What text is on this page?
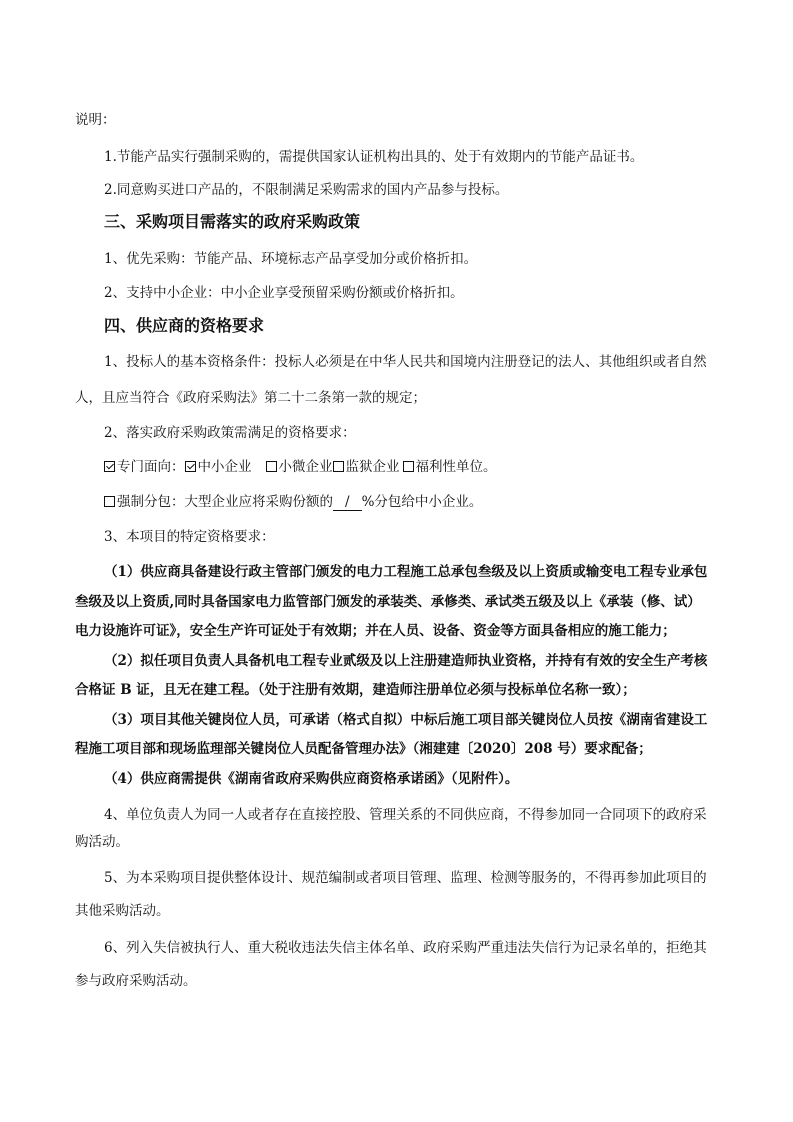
说明：
1.节能产品实行强制采购的，需提供国家认证机构出具的、处于有效期内的节能产品证书。
2.同意购买进口产品的，不限制满足采购需求的国内产品参与投标。
三、采购项目需落实的政府采购政策
1、优先采购：节能产品、环境标志产品享受加分或价格折扣。
2、支持中小企业：中小企业享受预留采购份额或价格折扣。
四、供应商的资格要求
1、投标人的基本资格条件：投标人必须是在中华人民共和国境内注册登记的法人、其他组织或者自然
人，且应当符合《政府采购法》第二十二条第一款的规定；
2、落实政府采购政策需满足的资格要求：
专门面向： 中小企业 小微企业 监狱企业 福利性单位。
强制分包：大型企业应将采购份额的 / %分包给中小企业。
3、本项目的特定资格要求：
（1）供应商具备建设行政主管部门颁发的电力工程施工总承包叁级及以上资质或输变电工程专业承包
叁级及以上资质,同时具备国家电力监管部门颁发的承装类、承修类、承试类五级及以上《承装（修、试）
电力设施许可证》，安全生产许可证处于有效期；并在人员、设备、资金等方面具备相应的施工能力；
（2）拟任项目负责人具备机电工程专业贰级及以上注册建造师执业资格，并持有有效的安全生产考核
合格证 B 证，且无在建工程。（处于注册有效期，建造师注册单位必须与投标单位名称一致）；
（3）项目其他关键岗位人员，可承诺（格式自拟）中标后施工项目部关键岗位人员按《湖南省建设工
程施工项目部和现场监理部关键岗位人员配备管理办法》（湘建建〔2020〕208 号）要求配备；
（4）供应商需提供《湖南省政府采购供应商资格承诺函》（见附件）。
4、单位负责人为同一人或者存在直接控股、管理关系的不同供应商，不得参加同一合同项下的政府采
购活动。
5、为本采购项目提供整体设计、规范编制或者项目管理、监理、检测等服务的，不得再参加此项目的
其他采购活动。
6、列入失信被执行人、重大税收违法失信主体名单、政府采购严重违法失信行为记录名单的，拒绝其
参与政府采购活动。
